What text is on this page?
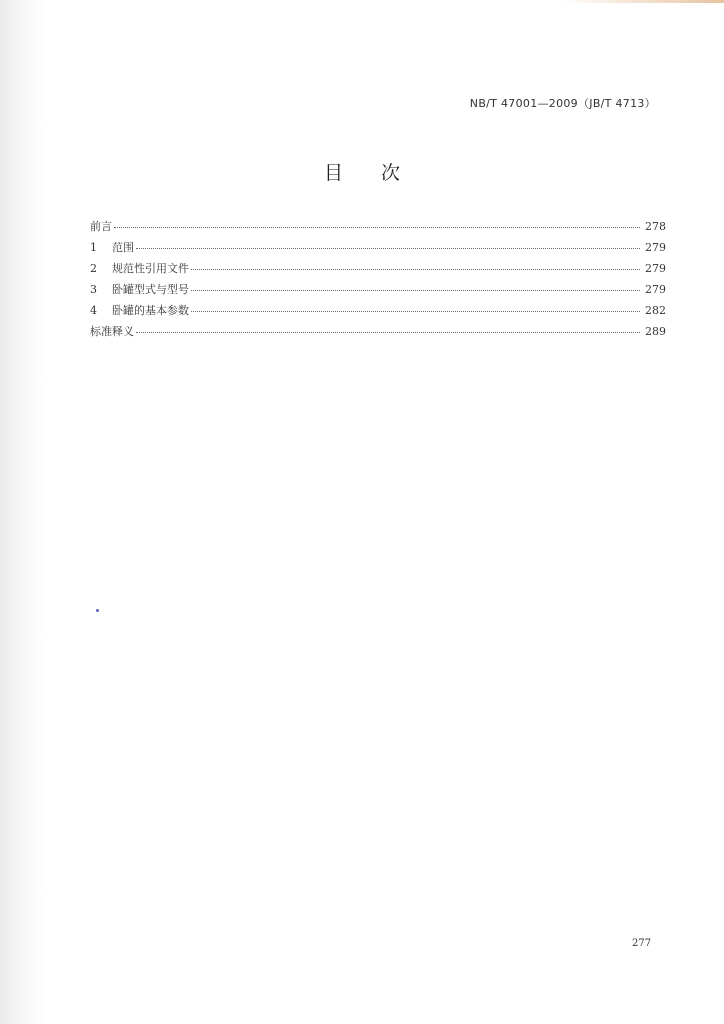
NB/T 47001—2009（JB/T 4713）
目 次
前言	278
1	范围	279
2	规范性引用文件	279
3	卧罐型式与型号	279
4	卧罐的基本参数	282
标准释义	289
277
